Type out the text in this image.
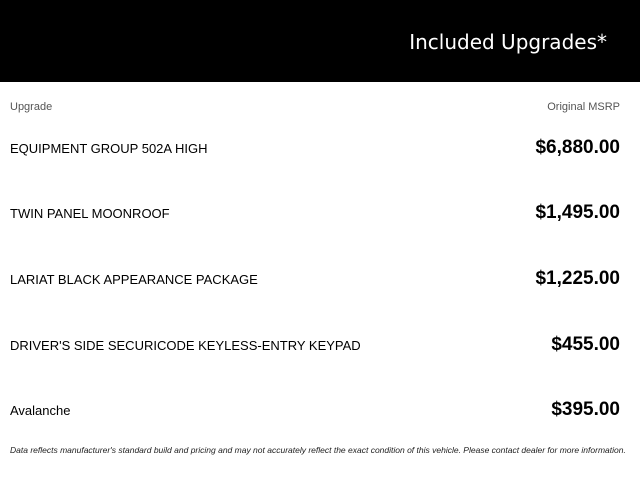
Included Upgrades*
Upgrade	Original MSRP
EQUIPMENT GROUP 502A HIGH	$6,880.00
TWIN PANEL MOONROOF	$1,495.00
LARIAT BLACK APPEARANCE PACKAGE	$1,225.00
DRIVER'S SIDE SECURICODE KEYLESS-ENTRY KEYPAD	$455.00
Avalanche	$395.00
Data reflects manufacturer's standard build and pricing and may not accurately reflect the exact condition of this vehicle. Please contact dealer for more information.
